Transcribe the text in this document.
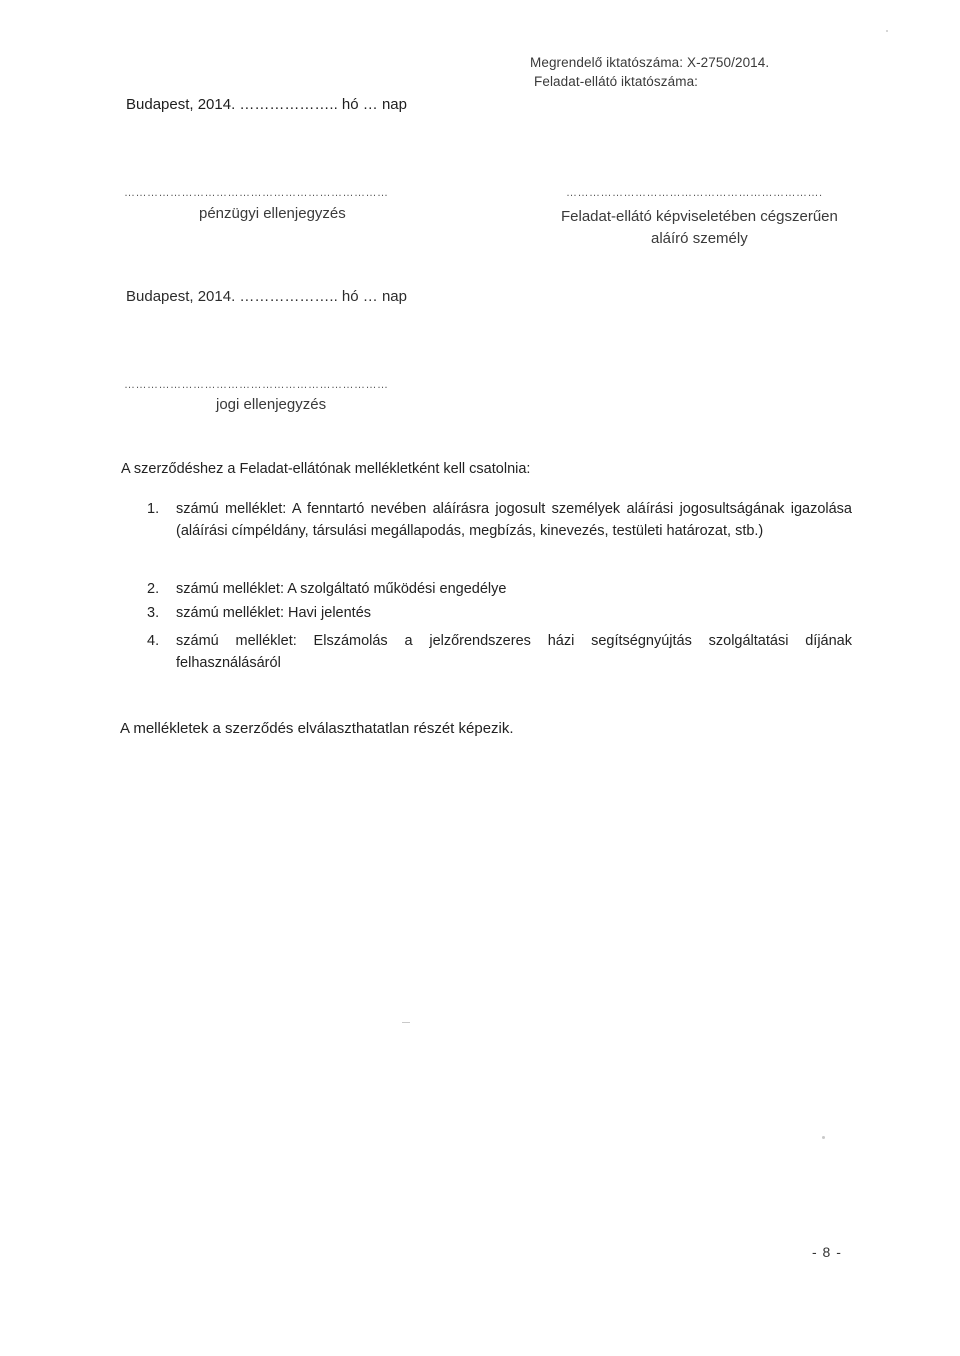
Megrendelő iktatószáma: X-2750/2014.
Feladat-ellátó iktatószáma:
Budapest, 2014. ……………….. hó … nap
……………………………………………………………
pénzügyi ellenjegyzés
………………………………………………………….
Feladat-ellátó képviseletében cégszerűen
aláíró személy
Budapest, 2014. ……………….. hó … nap
……………………………………………………………
jogi ellenjegyzés
A szerződéshez a Feladat-ellátónak mellékletként kell csatolnia:
1.	számú melléklet: A fenntartó nevében aláírásra jogosult személyek aláírási jogosultságának igazolása (aláírási címpéldány, társulási megállapodás, megbízás, kinevezés, testületi határozat, stb.)
2.	számú melléklet: A szolgáltató működési engedélye
3.	számú melléklet: Havi jelentés
4.	számú melléklet: Elszámolás a jelzőrendszeres házi segítségnyújtás szolgáltatási díjának felhasználásáról
A mellékletek a szerződés elválaszthatatlan részét képezik.
- 8 -
